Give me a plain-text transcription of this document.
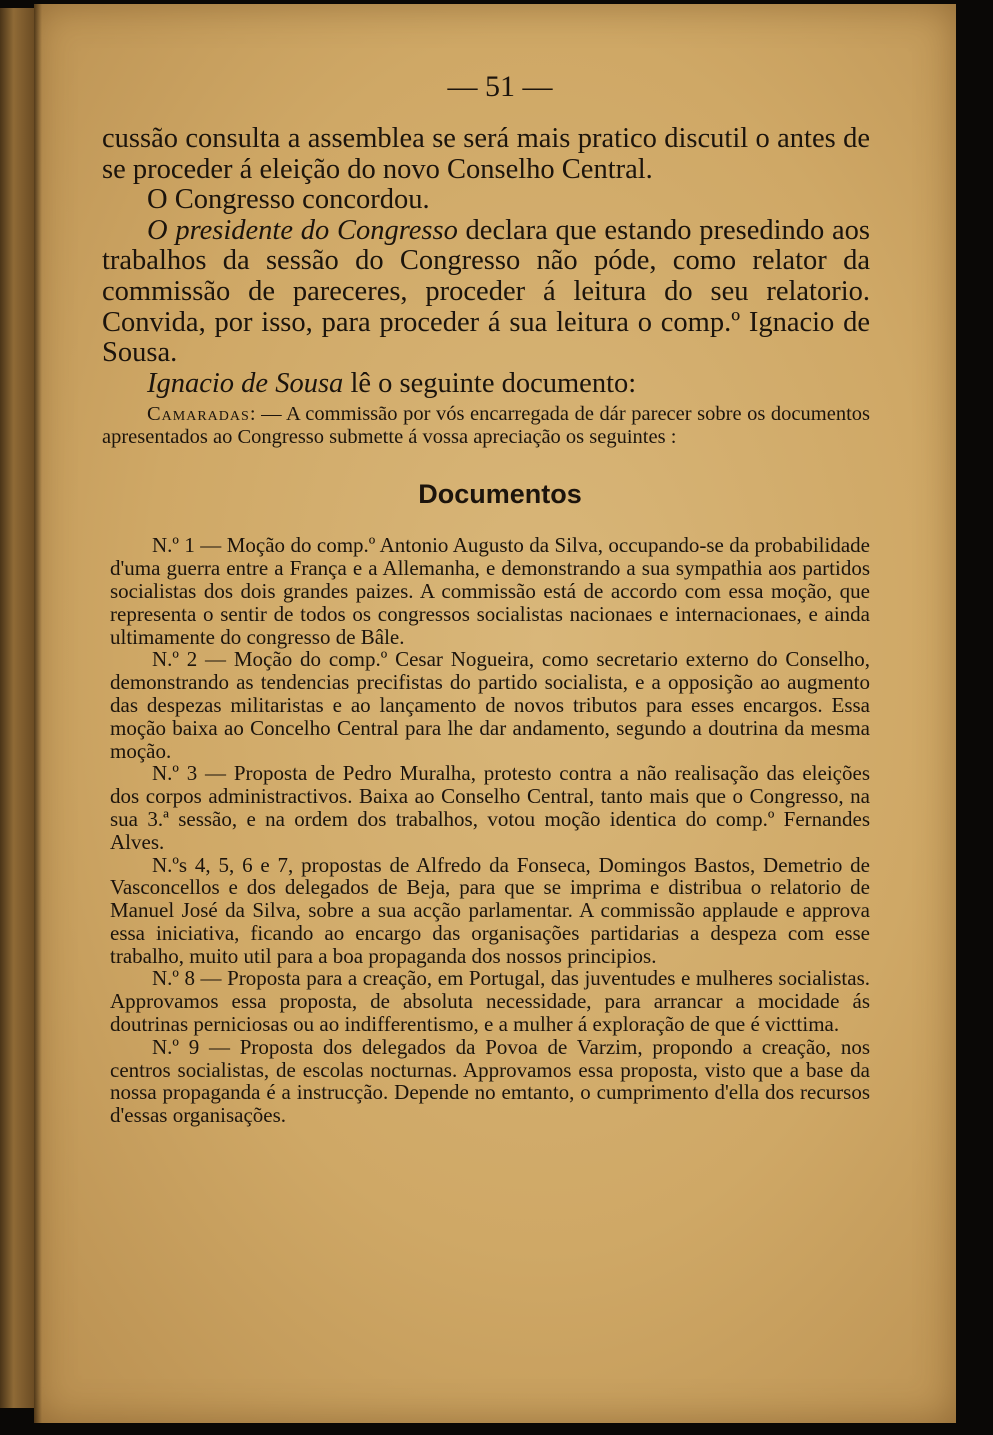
— 51 —

cussão consulta a assemblea se será mais pratico discutil o antes de se proceder á eleição do novo Conselho Central.

O Congresso concordou.

O presidente do Congresso declara que estando presedindo aos trabalhos da sessão do Congresso não póde, como relator da commissão de pareceres, proceder á leitura do seu relatorio. Convida, por isso, para proceder á sua leitura o comp.º Ignacio de Sousa.

Ignacio de Sousa lê o seguinte documento:

Camaradas: — A commissão por vós encarregada de dár parecer sobre os documentos apresentados ao Congresso submette á vossa apreciação os seguintes :

Documentos

N.º 1 — Moção do comp.º Antonio Augusto da Silva, occupando-se da probabilidade d'uma guerra entre a França e a Allemanha, e demonstrando a sua sympathia aos partidos socialistas dos dois grandes paizes. A commissão está de accordo com essa moção, que representa o sentir de todos os congressos socialistas nacionaes e internacionaes, e ainda ultimamente do congresso de Bâle.

N.º 2 — Moção do comp.º Cesar Nogueira, como secretario externo do Conselho, demonstrando as tendencias precifistas do partido socialista, e a opposição ao augmento das despezas militaristas e ao lançamento de novos tributos para esses encargos. Essa moção baixa ao Concelho Central para lhe dar andamento, segundo a doutrina da mesma moção.

N.º 3 — Proposta de Pedro Muralha, protesto contra a não realisação das eleições dos corpos administractivos. Baixa ao Conselho Central, tanto mais que o Congresso, na sua 3.ª sessão, e na ordem dos trabalhos, votou moção identica do comp.º Fernandes Alves.

N.ºs 4, 5, 6 e 7, propostas de Alfredo da Fonseca, Domingos Bastos, Demetrio de Vasconcellos e dos delegados de Beja, para que se imprima e distribua o relatorio de Manuel José da Silva, sobre a sua acção parlamentar. A commissão applaude e approva essa iniciativa, ficando ao encargo das organisações partidarias a despeza com esse trabalho, muito util para a boa propaganda dos nossos principios.

N.º 8 — Proposta para a creação, em Portugal, das juventudes e mulheres socialistas. Approvamos essa proposta, de absoluta necessidade, para arrancar a mocidade ás doutrinas perniciosas ou ao indifferentismo, e a mulher á exploração de que é victtima.

N.º 9 — Proposta dos delegados da Povoa de Varzim, propondo a creação, nos centros socialistas, de escolas nocturnas. Approvamos essa proposta, visto que a base da nossa propaganda é a instrucção. Depende no emtanto, o cumprimento d'ella dos recursos d'essas organisações.
